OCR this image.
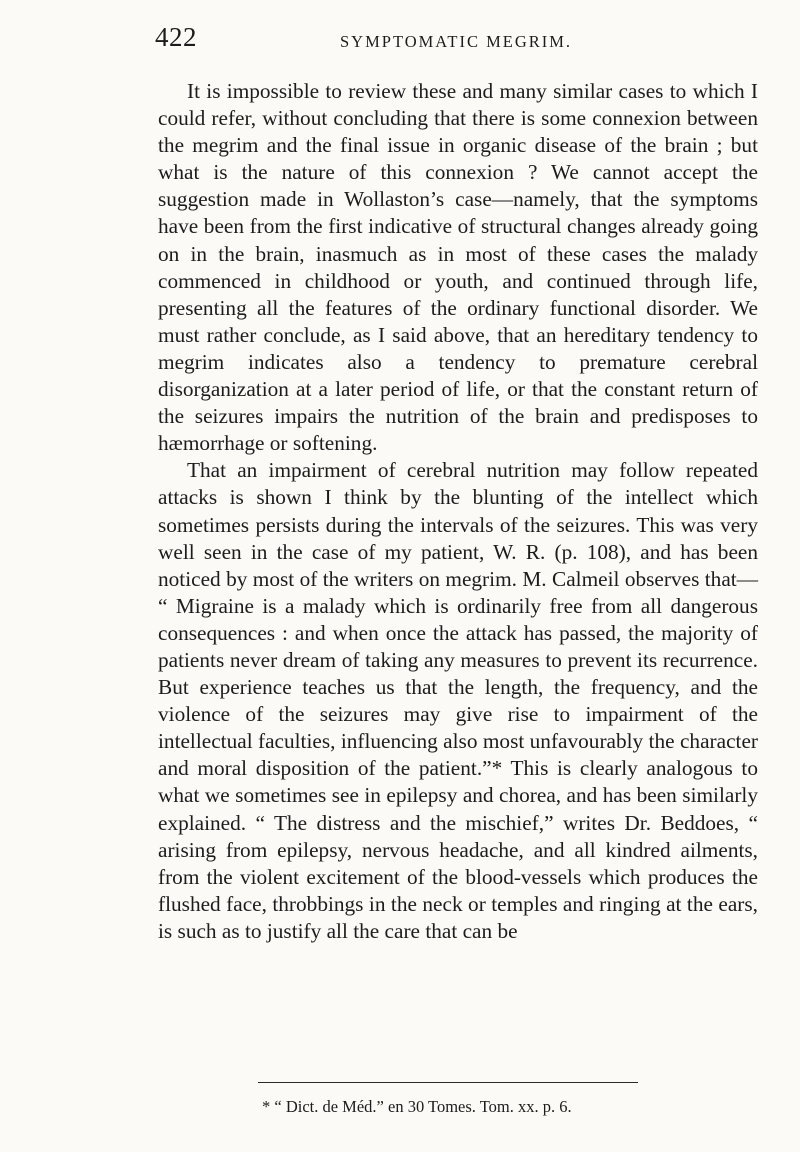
422	SYMPTOMATIC MEGRIM.

It is impossible to review these and many similar cases to which I could refer, without concluding that there is some connexion between the megrim and the final issue in organic disease of the brain ; but what is the nature of this connexion ? We cannot accept the suggestion made in Wollaston’s case—namely, that the symptoms have been from the first indicative of structural changes already going on in the brain, inasmuch as in most of these cases the malady commenced in childhood or youth, and continued through life, presenting all the features of the ordinary functional disorder. We must rather conclude, as I said above, that an hereditary tendency to megrim indicates also a tendency to premature cerebral disorganization at a later period of life, or that the constant return of the seizures impairs the nutrition of the brain and predisposes to hæmorrhage or softening.

That an impairment of cerebral nutrition may follow repeated attacks is shown I think by the blunting of the intellect which sometimes persists during the intervals of the seizures. This was very well seen in the case of my patient, W. R. (p. 108), and has been noticed by most of the writers on megrim. M. Calmeil observes that— “ Migraine is a malady which is ordinarily free from all dangerous consequences : and when once the attack has passed, the majority of patients never dream of taking any measures to prevent its recurrence. But experience teaches us that the length, the frequency, and the violence of the seizures may give rise to impairment of the intellectual faculties, influencing also most unfavourably the character and moral disposition of the patient.”* This is clearly analogous to what we sometimes see in epilepsy and chorea, and has been similarly explained. “ The distress and the mischief,” writes Dr. Beddoes, “ arising from epilepsy, nervous headache, and all kindred ailments, from the violent excitement of the blood-vessels which produces the flushed face, throbbings in the neck or temples and ringing at the ears, is such as to justify all the care that can be

* “ Dict. de Méd.” en 30 Tomes. Tom. xx. p. 6.
